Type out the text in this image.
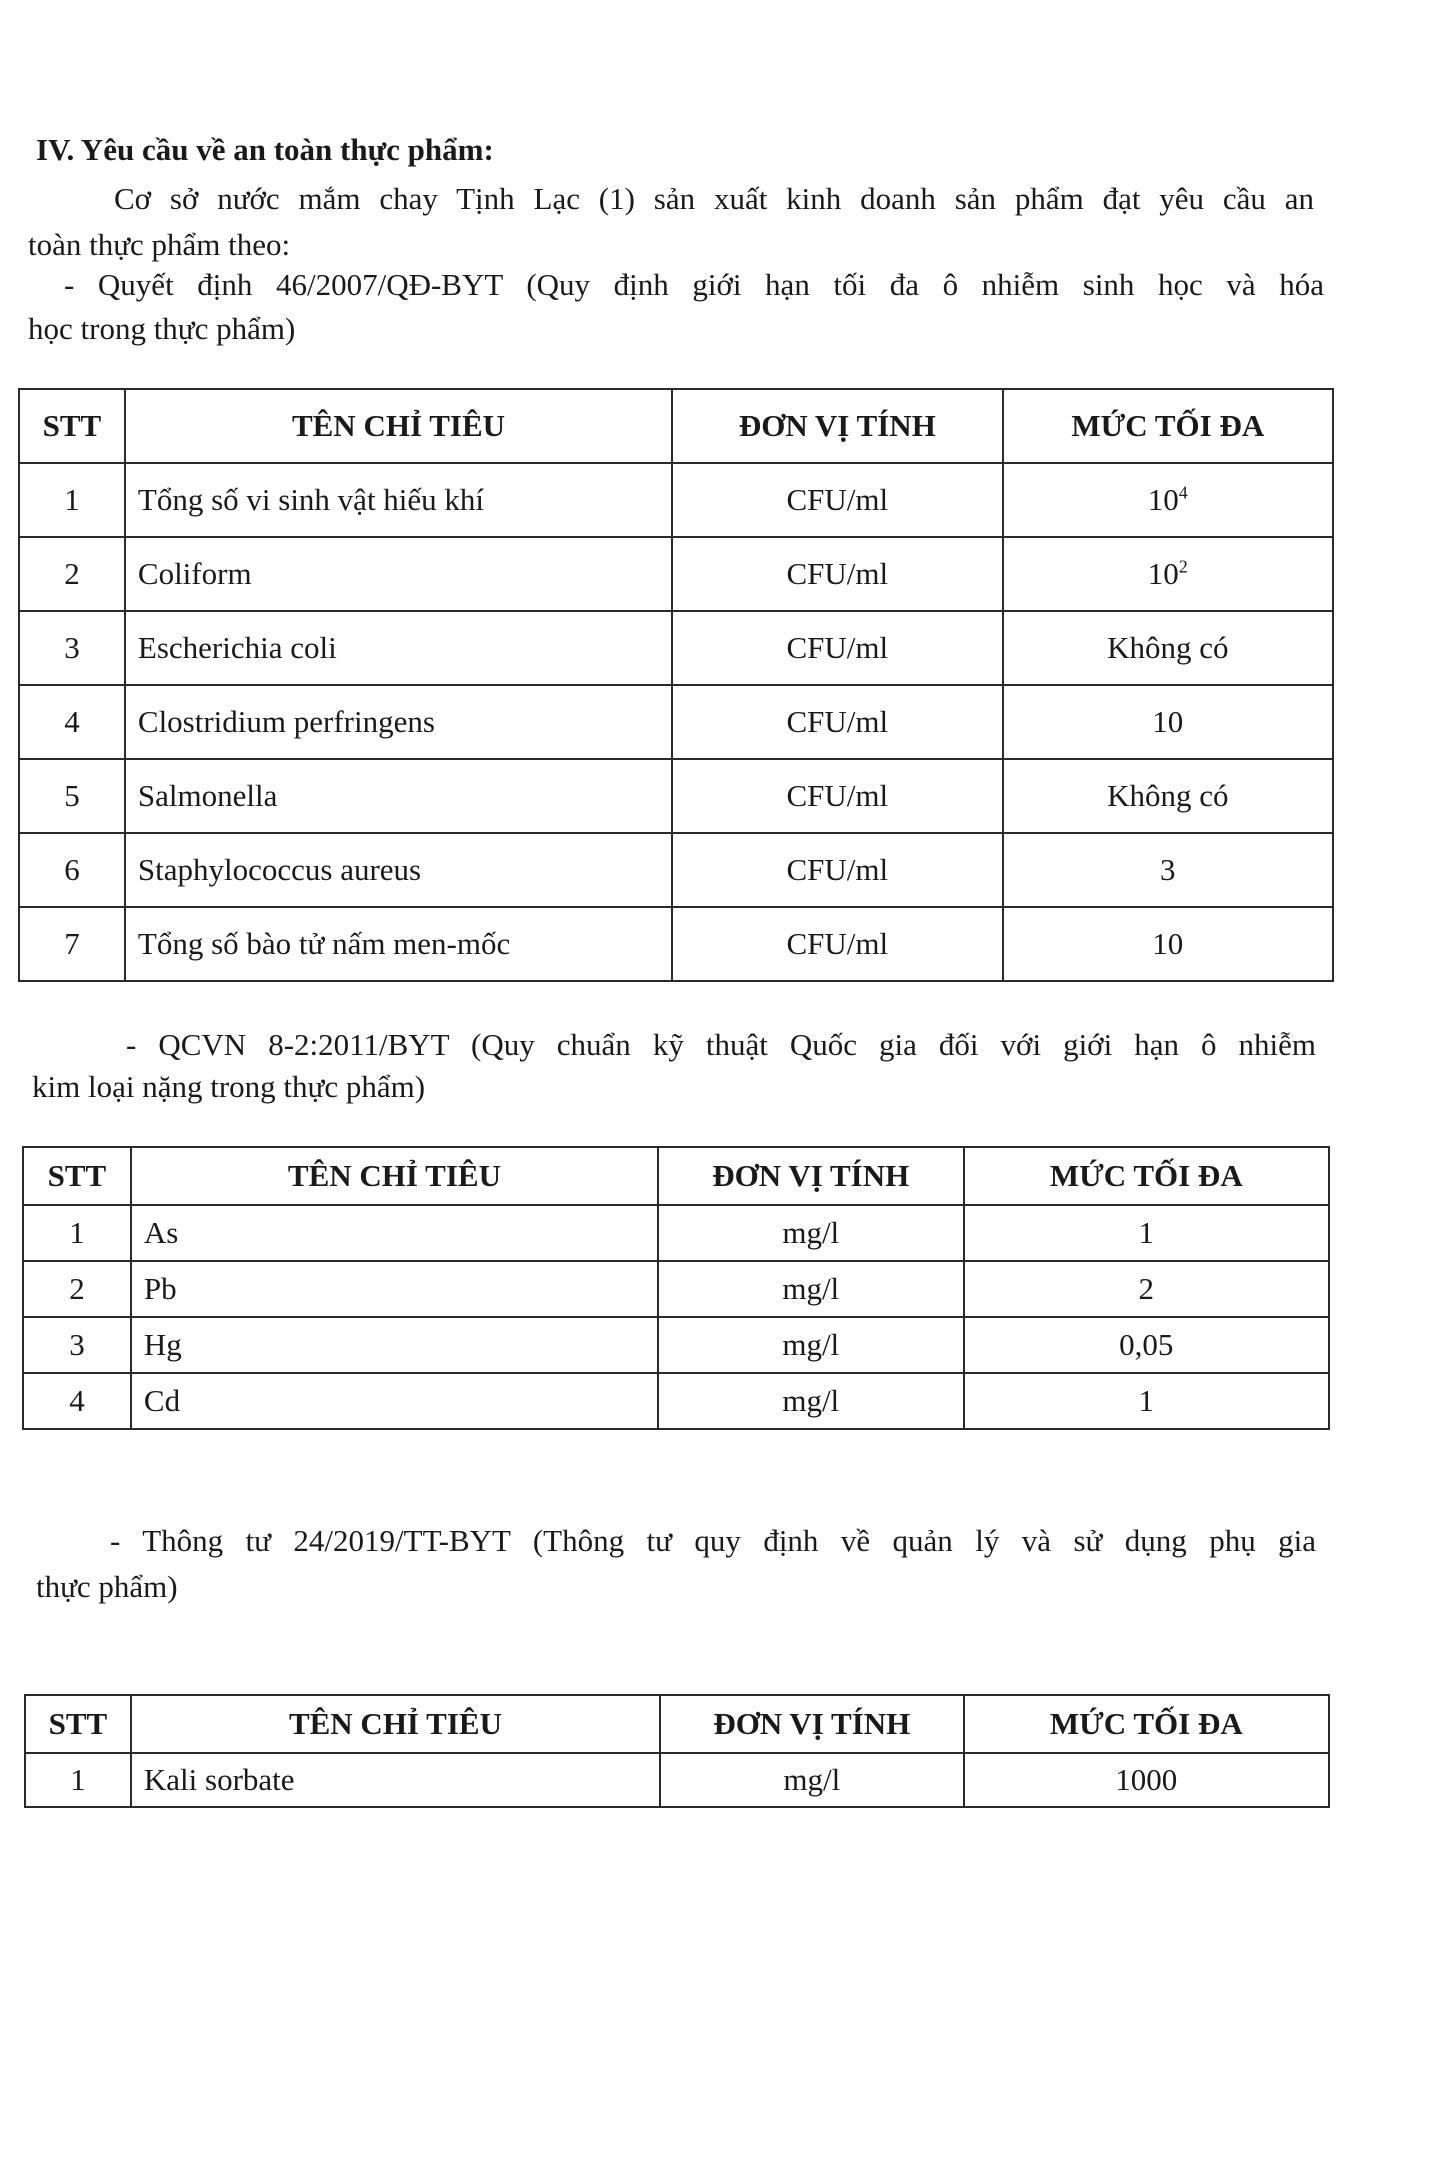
IV. Yêu cầu về an toàn thực phẩm:
Cơ sở nước mắm chay Tịnh Lạc (1) sản xuất kinh doanh sản phẩm đạt yêu cầu an
toàn thực phẩm theo:
- Quyết định 46/2007/QĐ-BYT (Quy định giới hạn tối đa ô nhiễm sinh học và hóa
học trong thực phẩm)
STT	TÊN CHỈ TIÊU	ĐƠN VỊ TÍNH	MỨC TỐI ĐA
1	Tổng số vi sinh vật hiếu khí	CFU/ml	$10^4$
2	Coliform	CFU/ml	$10^2$
3	Escherichia coli	CFU/ml	Không có
4	Clostridium perfringens	CFU/ml	10
5	Salmonella	CFU/ml	Không có
6	Staphylococcus aureus	CFU/ml	3
7	Tổng số bào tử nấm men-mốc	CFU/ml	10
- QCVN 8-2:2011/BYT (Quy chuẩn kỹ thuật Quốc gia đối với giới hạn ô nhiễm
kim loại nặng trong thực phẩm)
STT	TÊN CHỈ TIÊU	ĐƠN VỊ TÍNH	MỨC TỐI ĐA
1	As	mg/l	1
2	Pb	mg/l	2
3	Hg	mg/l	0,05
4	Cd	mg/l	1
- Thông tư 24/2019/TT-BYT (Thông tư quy định về quản lý và sử dụng phụ gia
thực phẩm)
STT	TÊN CHỈ TIÊU	ĐƠN VỊ TÍNH	MỨC TỐI ĐA
1	Kali sorbate	mg/l	1000
